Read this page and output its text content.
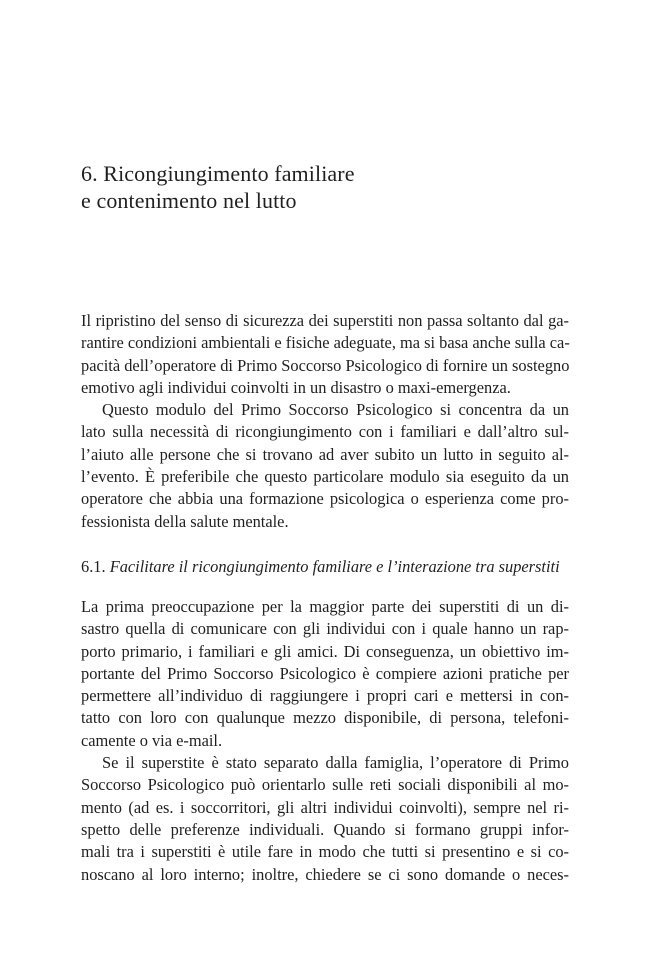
6. Ricongiungimento familiare
e contenimento nel lutto
Il ripristino del senso di sicurezza dei superstiti non passa soltanto dal ga-
rantire condizioni ambientali e fisiche adeguate, ma si basa anche sulla ca-
pacità dell’operatore di Primo Soccorso Psicologico di fornire un sostegno
emotivo agli individui coinvolti in un disastro o maxi-emergenza.
Questo modulo del Primo Soccorso Psicologico si concentra da un
lato sulla necessità di ricongiungimento con i familiari e dall’altro sul-
l’aiuto alle persone che si trovano ad aver subito un lutto in seguito al-
l’evento. È preferibile che questo particolare modulo sia eseguito da un
operatore che abbia una formazione psicologica o esperienza come pro-
fessionista della salute mentale.
6.1. Facilitare il ricongiungimento familiare e l’interazione tra superstiti
La prima preoccupazione per la maggior parte dei superstiti di un di-
sastro quella di comunicare con gli individui con i quale hanno un rap-
porto primario, i familiari e gli amici. Di conseguenza, un obiettivo im-
portante del Primo Soccorso Psicologico è compiere azioni pratiche per
permettere all’individuo di raggiungere i propri cari e mettersi in con-
tatto con loro con qualunque mezzo disponibile, di persona, telefoni-
camente o via e-mail.
Se il superstite è stato separato dalla famiglia, l’operatore di Primo
Soccorso Psicologico può orientarlo sulle reti sociali disponibili al mo-
mento (ad es. i soccorritori, gli altri individui coinvolti), sempre nel ri-
spetto delle preferenze individuali. Quando si formano gruppi infor-
mali tra i superstiti è utile fare in modo che tutti si presentino e si co-
noscano al loro interno; inoltre, chiedere se ci sono domande o neces-
